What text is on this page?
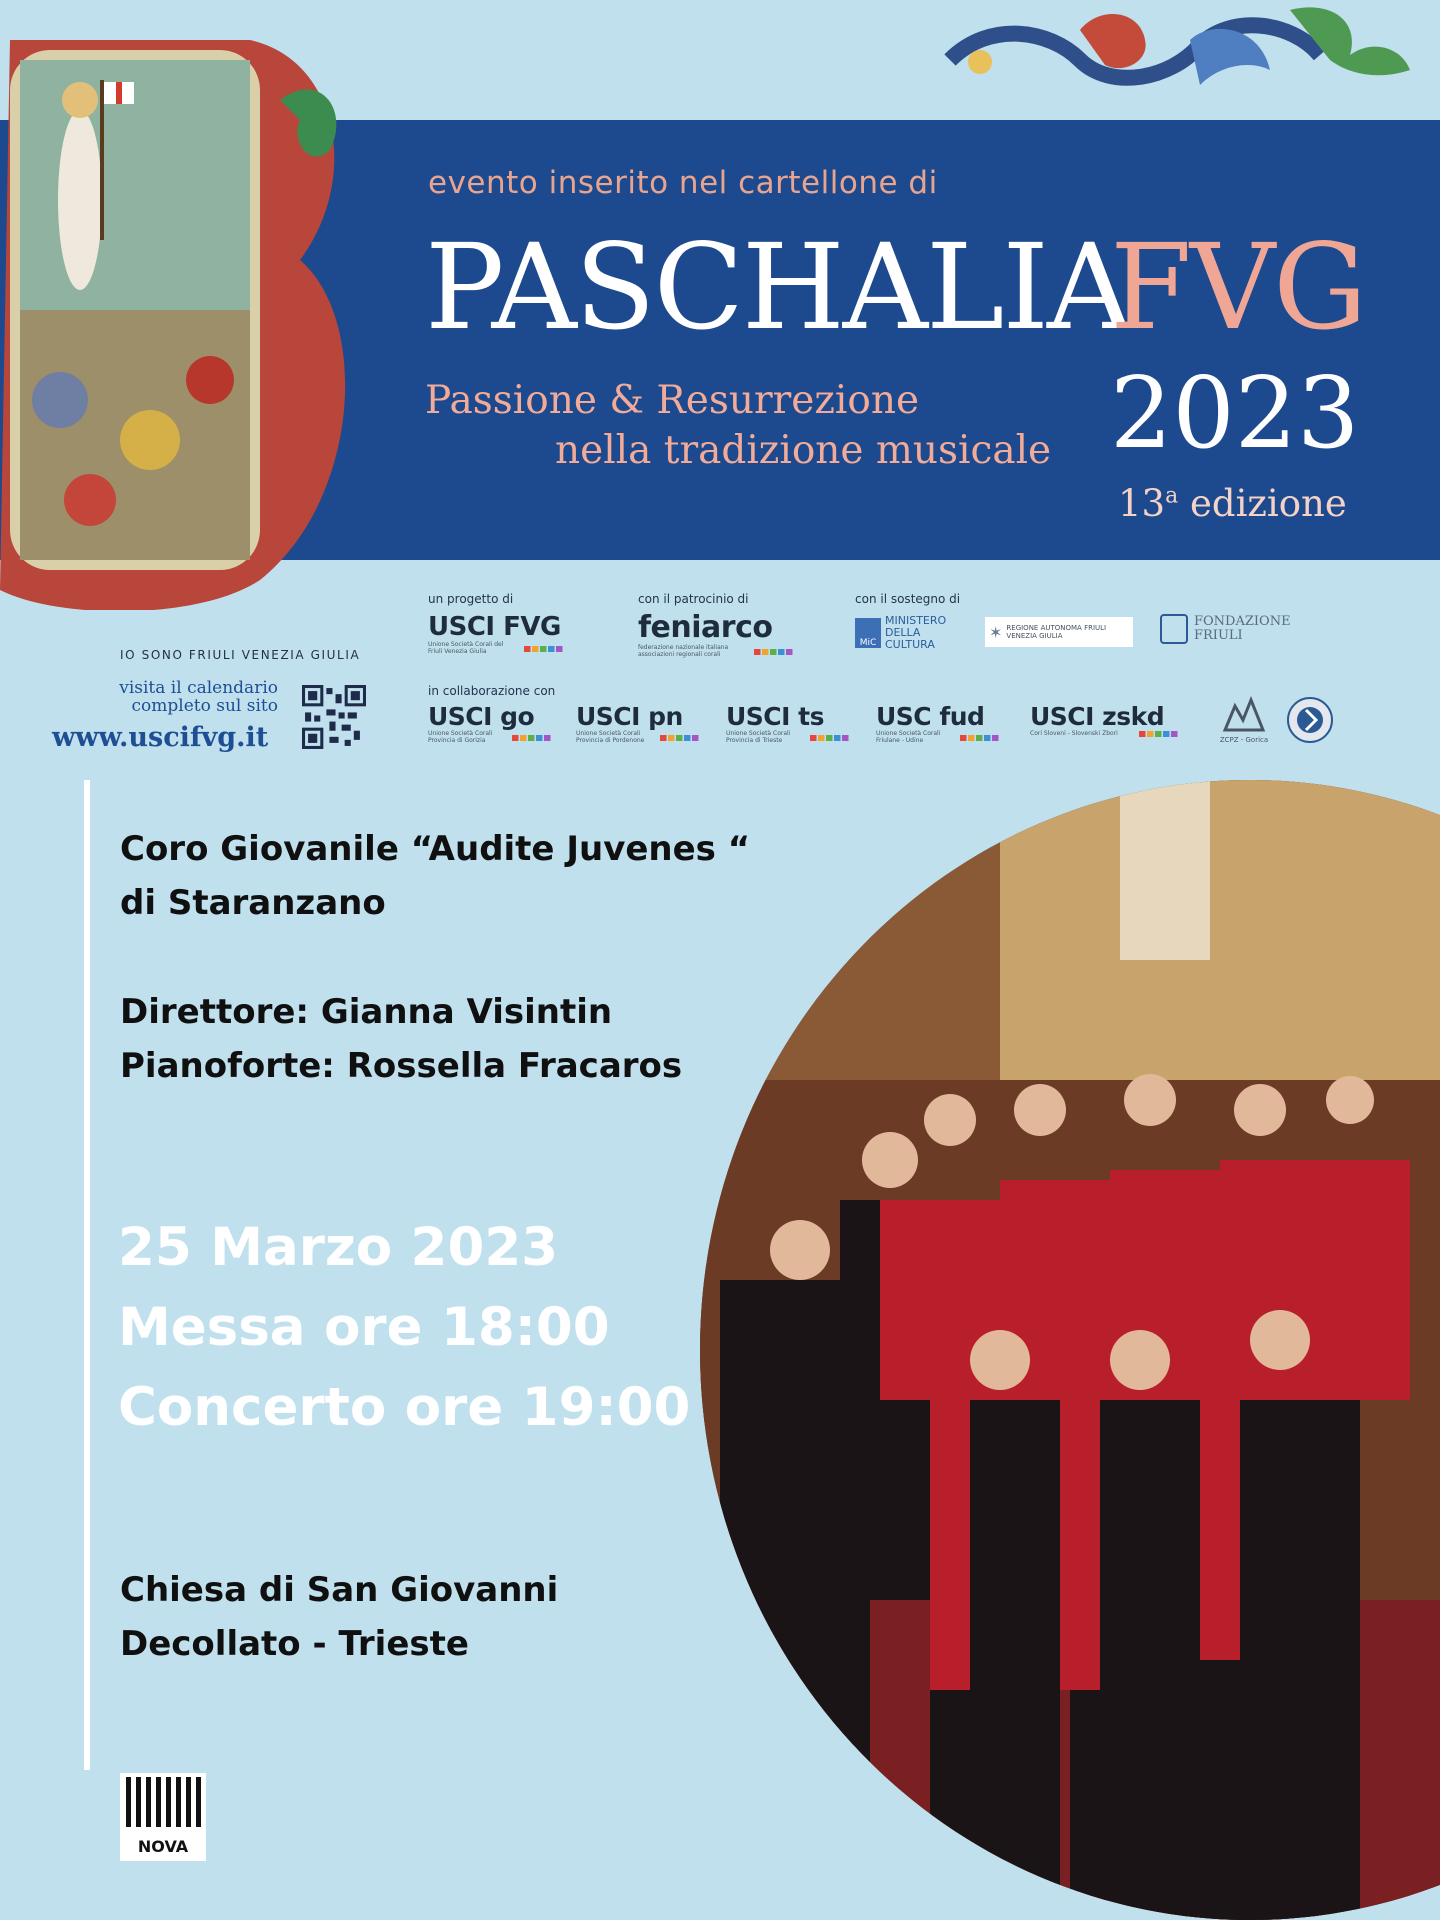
evento inserito nel cartellone di
PASCHALIA
FVG
Passione & Resurrezione
nella tradizione musicale 2023
13$^a$ edizione
IO SONO FRIULI VENEZIA GIULIA
visita il calendario
completo sul sito
www.uscifvg.it
un progetto di	con il patrocinio di	con il sostegno di
in collaborazione con
USCI FVG
Unione Società Corali del Friuli Venezia Giulia
feniarco
federazione nazionale italiana associazioni regionali corali
MiC
MINISTERO DELLA CULTURA
✶ REGIONE AUTONOMA FRIULI VENEZIA GIULIA
FONDAZIONE FRIULI
USCI go
Unione Società Corali Provincia di Gorizia
USCI pn
Unione Società Corali Provincia di Pordenone
USCI ts
Unione Società Corali Provincia di Trieste
USC fud
Unione Società Corali Friulane - Udine
USCI zskd
Cori Sloveni - Slovenski Zbori
ZCPZ - Gorica
Coro Giovanile “Audite Juvenes “
di Staranzano
Direttore: Gianna Visintin
Pianoforte: Rossella Fracaros
25 Marzo 2023
Messa ore 18:00
Concerto ore 19:00
Chiesa di San Giovanni
Decollato - Trieste
NOVA
